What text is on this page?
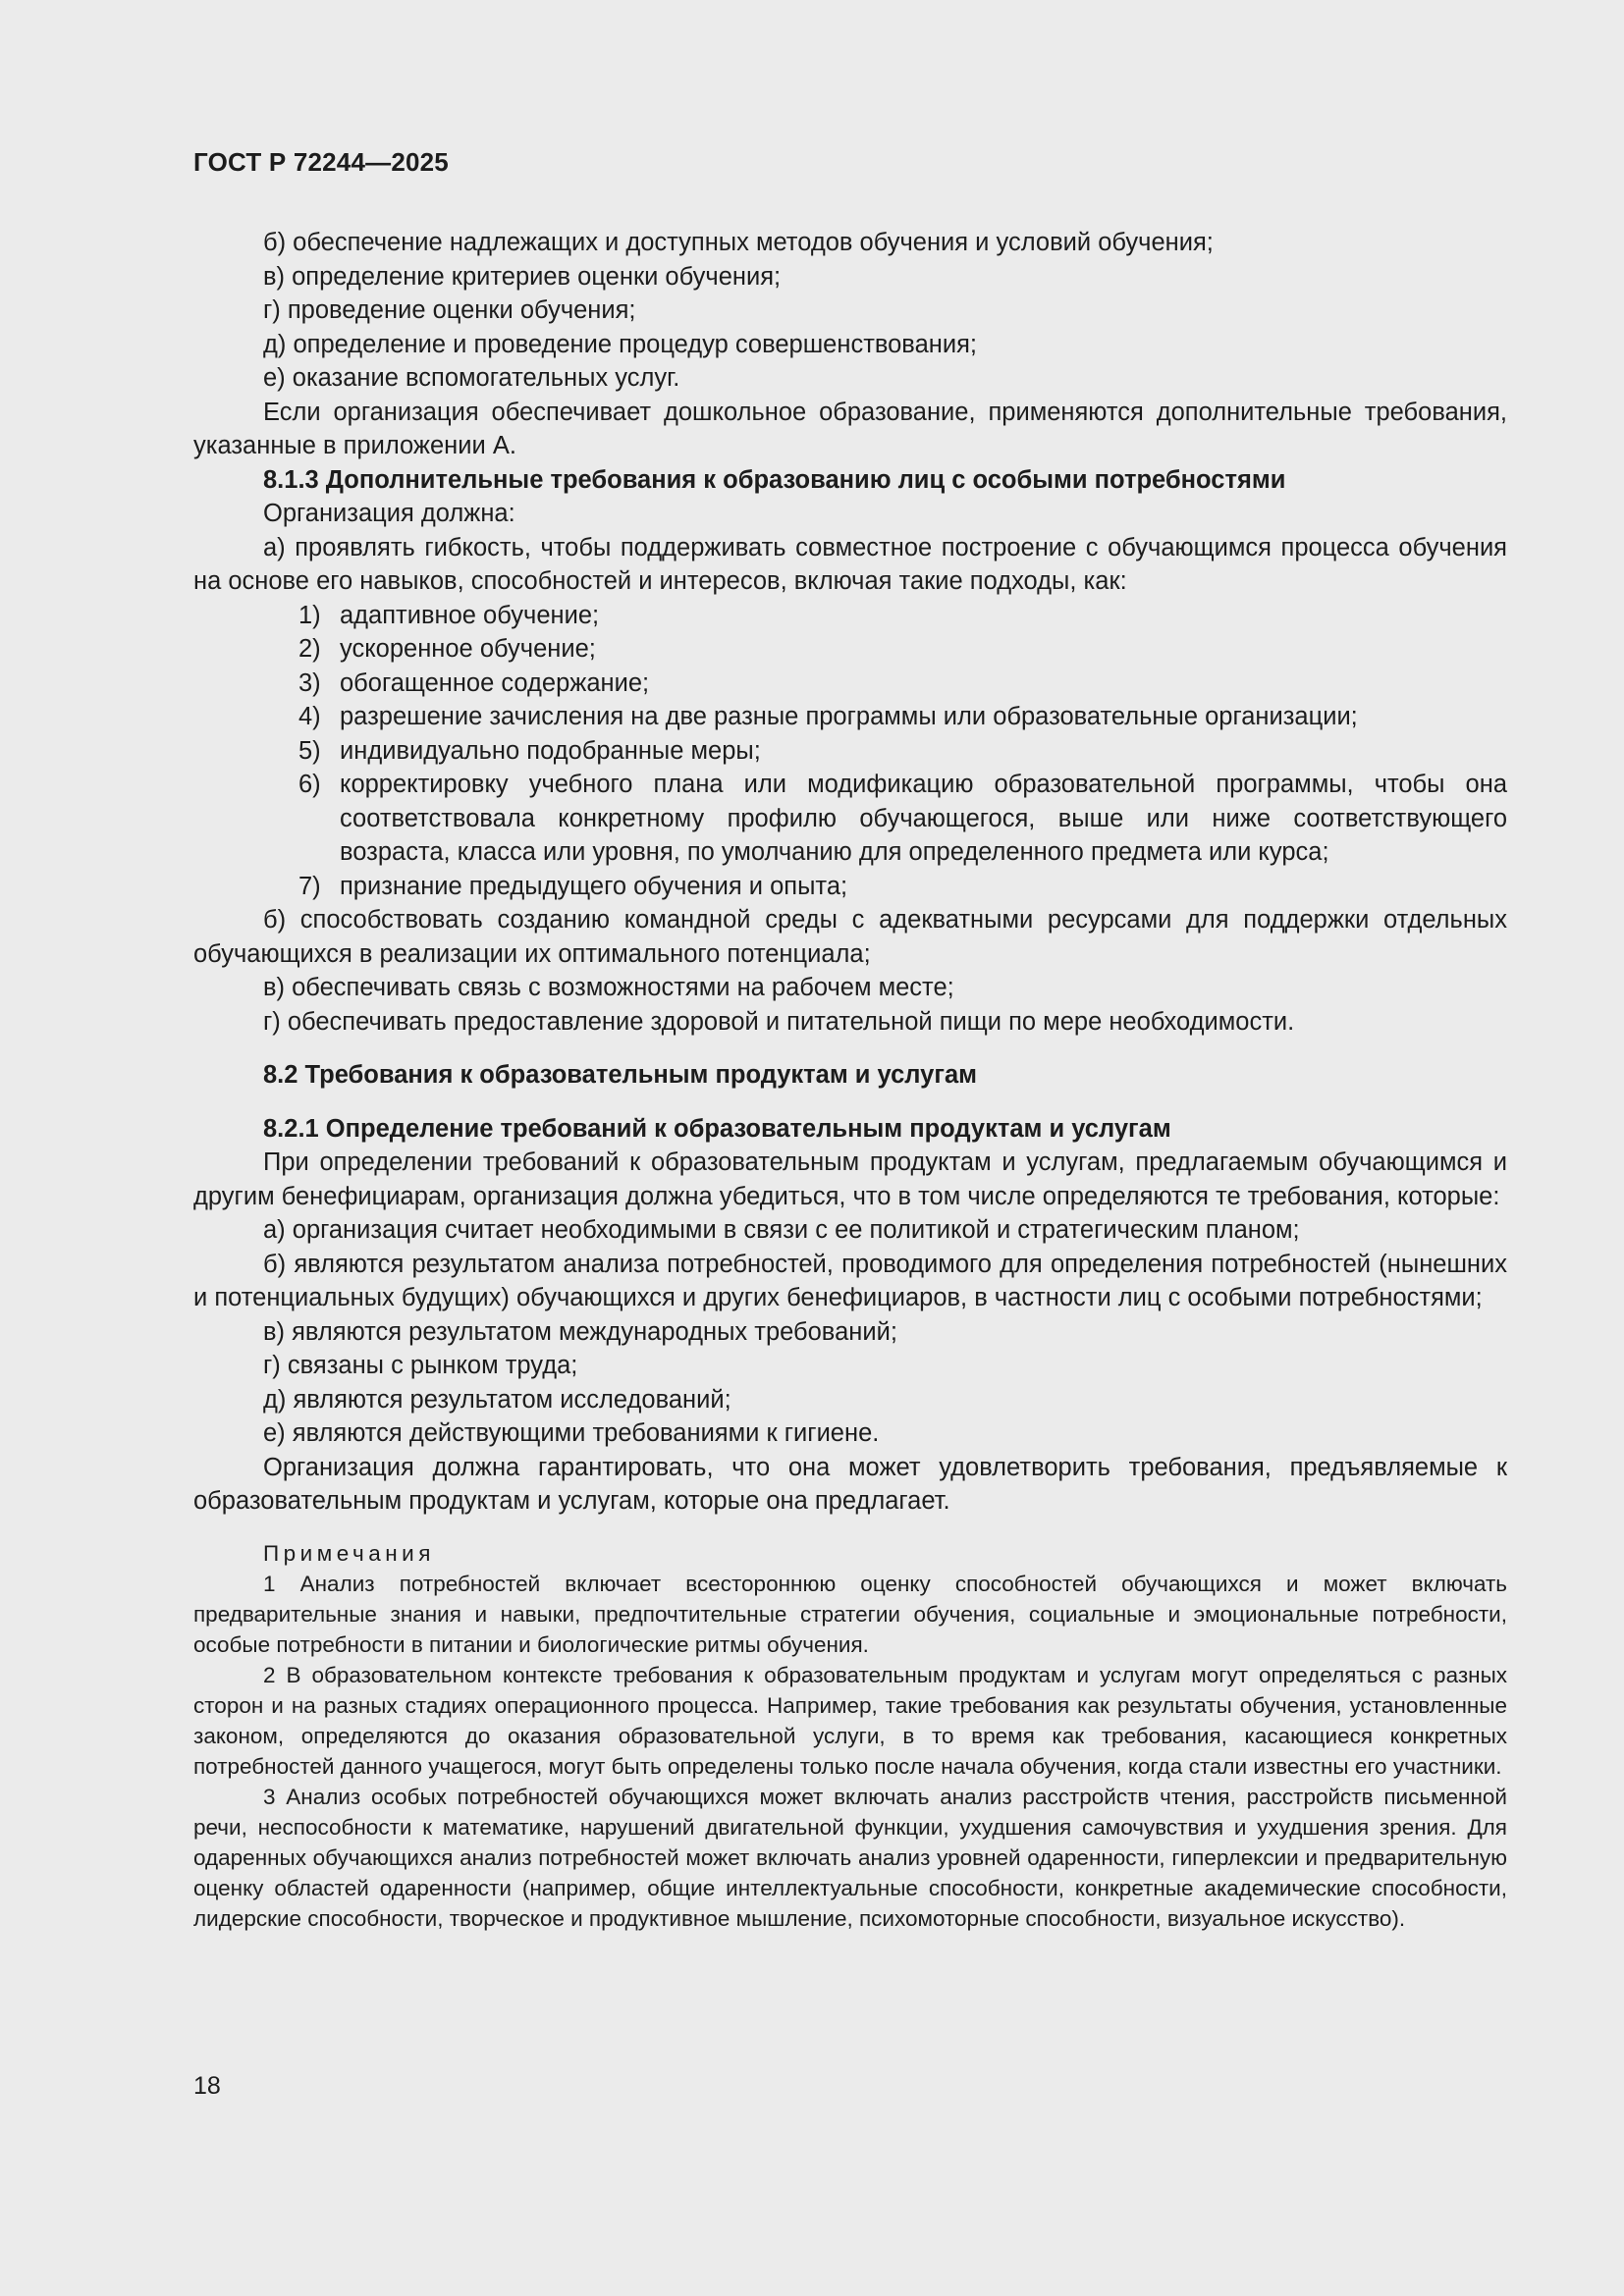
ГОСТ Р 72244—2025

б) обеспечение надлежащих и доступных методов обучения и условий обучения;

в) определение критериев оценки обучения;

г) проведение оценки обучения;

д) определение и проведение процедур совершенствования;

е) оказание вспомогательных услуг.

Если организация обеспечивает дошкольное образование, применяются дополнительные требования, указанные в приложении А.

8.1.3 Дополнительные требования к образованию лиц с особыми потребностями

Организация должна:

а) проявлять гибкость, чтобы поддерживать совместное построение с обучающимся процесса обучения на основе его навыков, способностей и интересов, включая такие подходы, как:

1) адаптивное обучение;

2) ускоренное обучение;

3) обогащенное содержание;

4) разрешение зачисления на две разные программы или образовательные организации;

5) индивидуально подобранные меры;

6) корректировку учебного плана или модификацию образовательной программы, чтобы она соответствовала конкретному профилю обучающегося, выше или ниже соответствующего возраста, класса или уровня, по умолчанию для определенного предмета или курса;

7) признание предыдущего обучения и опыта;

б) способствовать созданию командной среды с адекватными ресурсами для поддержки отдельных обучающихся в реализации их оптимального потенциала;

в) обеспечивать связь с возможностями на рабочем месте;

г) обеспечивать предоставление здоровой и питательной пищи по мере необходимости.

8.2 Требования к образовательным продуктам и услугам

8.2.1 Определение требований к образовательным продуктам и услугам

При определении требований к образовательным продуктам и услугам, предлагаемым обучающимся и другим бенефициарам, организация должна убедиться, что в том числе определяются те требования, которые:

а) организация считает необходимыми в связи с ее политикой и стратегическим планом;

б) являются результатом анализа потребностей, проводимого для определения потребностей (нынешних и потенциальных будущих) обучающихся и других бенефициаров, в частности лиц с особыми потребностями;

в) являются результатом международных требований;

г) связаны с рынком труда;

д) являются результатом исследований;

е) являются действующими требованиями к гигиене.

Организация должна гарантировать, что она может удовлетворить требования, предъявляемые к образовательным продуктам и услугам, которые она предлагает.

Примечания

1 Анализ потребностей включает всестороннюю оценку способностей обучающихся и может включать предварительные знания и навыки, предпочтительные стратегии обучения, социальные и эмоциональные потребности, особые потребности в питании и биологические ритмы обучения.

2 В образовательном контексте требования к образовательным продуктам и услугам могут определяться с разных сторон и на разных стадиях операционного процесса. Например, такие требования как результаты обучения, установленные законом, определяются до оказания образовательной услуги, в то время как требования, касающиеся конкретных потребностей данного учащегося, могут быть определены только после начала обучения, когда стали известны его участники.

3 Анализ особых потребностей обучающихся может включать анализ расстройств чтения, расстройств письменной речи, неспособности к математике, нарушений двигательной функции, ухудшения самочувствия и ухудшения зрения. Для одаренных обучающихся анализ потребностей может включать анализ уровней одаренности, гиперлексии и предварительную оценку областей одаренности (например, общие интеллектуальные способности, конкретные академические способности, лидерские способности, творческое и продуктивное мышление, психомоторные способности, визуальное искусство).

18
